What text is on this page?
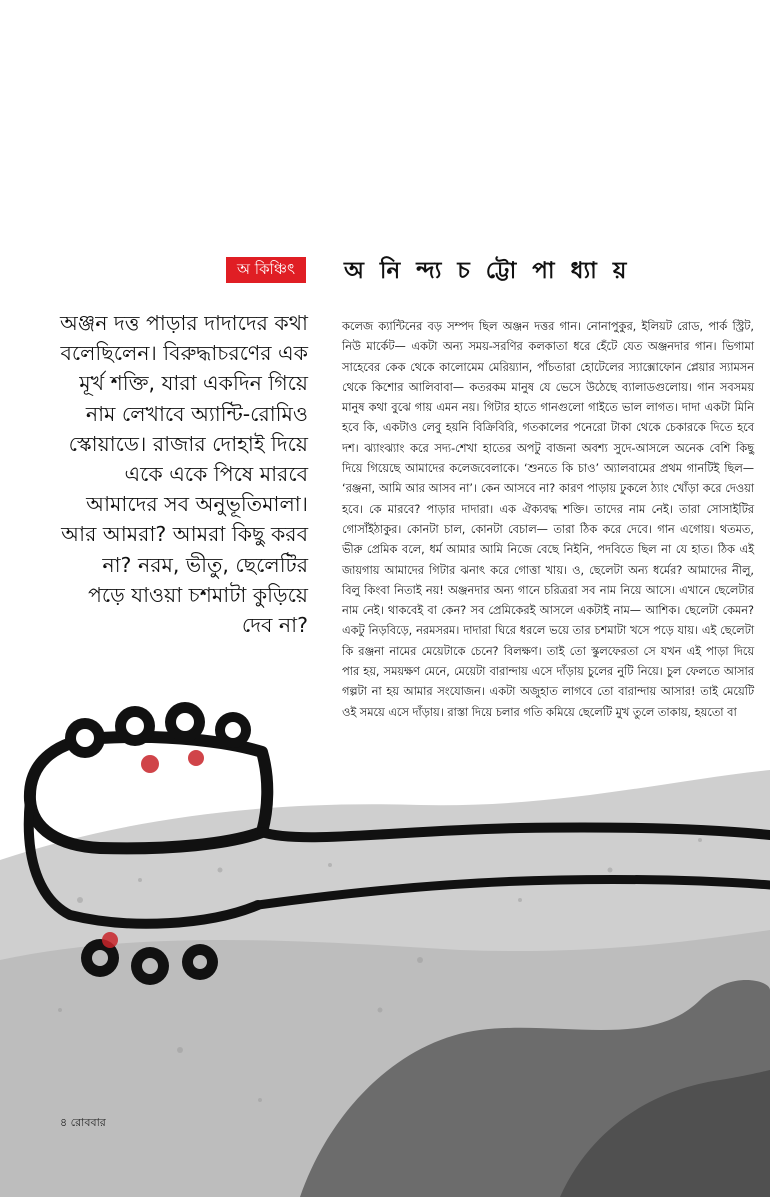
অ কিঞ্চিৎ	অ নি ন্দ্য চ ট্টো পা ধ্যা য়
অঞ্জন দত্ত পাড়ার দাদাদের কথা বলেছিলেন। বিরুদ্ধাচরণের এক মূর্খ শক্তি, যারা একদিন গিয়ে নাম লেখাবে অ্যান্টি-রোমিও স্কোয়াডে। রাজার দোহাই দিয়ে একে একে পিষে মারবে আমাদের সব অনুভূতিমালা। আর আমরা? আমরা কিছু করব না? নরম, ভীতু, ছেলেটির পড়ে যাওয়া চশমাটা কুড়িয়ে দেব না?
কলেজ ক্যান্টিনের বড় সম্পদ ছিল অঞ্জন দত্তর গান। নোনাপুকুর, ইলিয়ট রোড, পার্ক স্ট্রিট, নিউ মার্কেট— একটা অন্য সময়-সরণির কলকাতা ধরে হেঁটে যেত অঞ্জনদার গান। ভিগামা সাহেবের কেক থেকে কালোমেম মেরিয়্যান, পাঁচতারা হোটেলের স্যাক্সোফোন প্লেয়ার স্যামসন থেকে কিশোর আলিবাবা— কতরকম মানুষ যে ভেসে উঠেছে ব্যালাডগুলোয়। গান সবসময় মানুষ কথা বুঝে গায় এমন নয়। গিটার হাতে গানগুলো গাইতে ভাল লাগত। দাদা একটা মিনি হবে কি, একটাও লেবু হয়নি বিক্রিবিরি, গতকালের পনেরো টাকা থেকে চেকারকে দিতে হবে দশ। ঝ্যাংঝ্যাং করে সদ্য-শেখা হাতের অপটু বাজনা অবশ্য সুদে-আসলে অনেক বেশি কিছু দিয়ে গিয়েছে আমাদের কলেজবেলাকে। ‘শুনতে কি চাও’ অ্যালবামের প্রথম গানটিই ছিল— ‘রঞ্জনা, আমি আর আসব না’। কেন আসবে না? কারণ পাড়ায় ঢুকলে ঠ্যাং খোঁড়া করে দেওয়া হবে। কে মারবে? পাড়ার দাদারা। এক ঐক্যবদ্ধ শক্তি। তাদের নাম নেই। তারা সোসাইটির গোসাঁইঠাকুর। কোনটা চাল, কোনটা বেচাল— তারা ঠিক করে দেবে। গান এগোয়। থতমত, ভীরু প্রেমিক বলে, ধর্ম আমার আমি নিজে বেছে নিইনি, পদবিতে ছিল না যে হাত। ঠিক এই জায়গায় আমাদের গিটার ঝনাৎ করে গোত্তা খায়। ও, ছেলেটা অন্য ধর্মের? আমাদের নীলু, বিলু কিংবা নিতাই নয়! অঞ্জনদার অন্য গানে চরিত্ররা সব নাম নিয়ে আসে। এখানে ছেলেটার নাম নেই। থাকবেই বা কেন? সব প্রেমিকেরই আসলে একটাই নাম— আশিক। ছেলেটা কেমন? একটু নিড়বিড়ে, নরমসরম। দাদারা ঘিরে ধরলে ভয়ে তার চশমাটা খসে পড়ে যায়। এই ছেলেটা কি রঞ্জনা নামের মেয়েটাকে চেনে? বিলক্ষণ। তাই তো স্কুলফেরতা সে যখন এই পাড়া দিয়ে পার হয়, সময়ক্ষণ মেনে, মেয়েটা বারান্দায় এসে দাঁড়ায় চুলের নুটি নিয়ে। চুল ফেলতে আসার গল্পটা না হয় আমার সংযোজন। একটা অজুহাত লাগবে তো বারান্দায় আসার! তাই মেয়েটি ওই সময়ে এসে দাঁড়ায়। রাস্তা দিয়ে চলার গতি কমিয়ে ছেলেটি মুখ তুলে তাকায়, হয়তো বা
৪ রোববার
